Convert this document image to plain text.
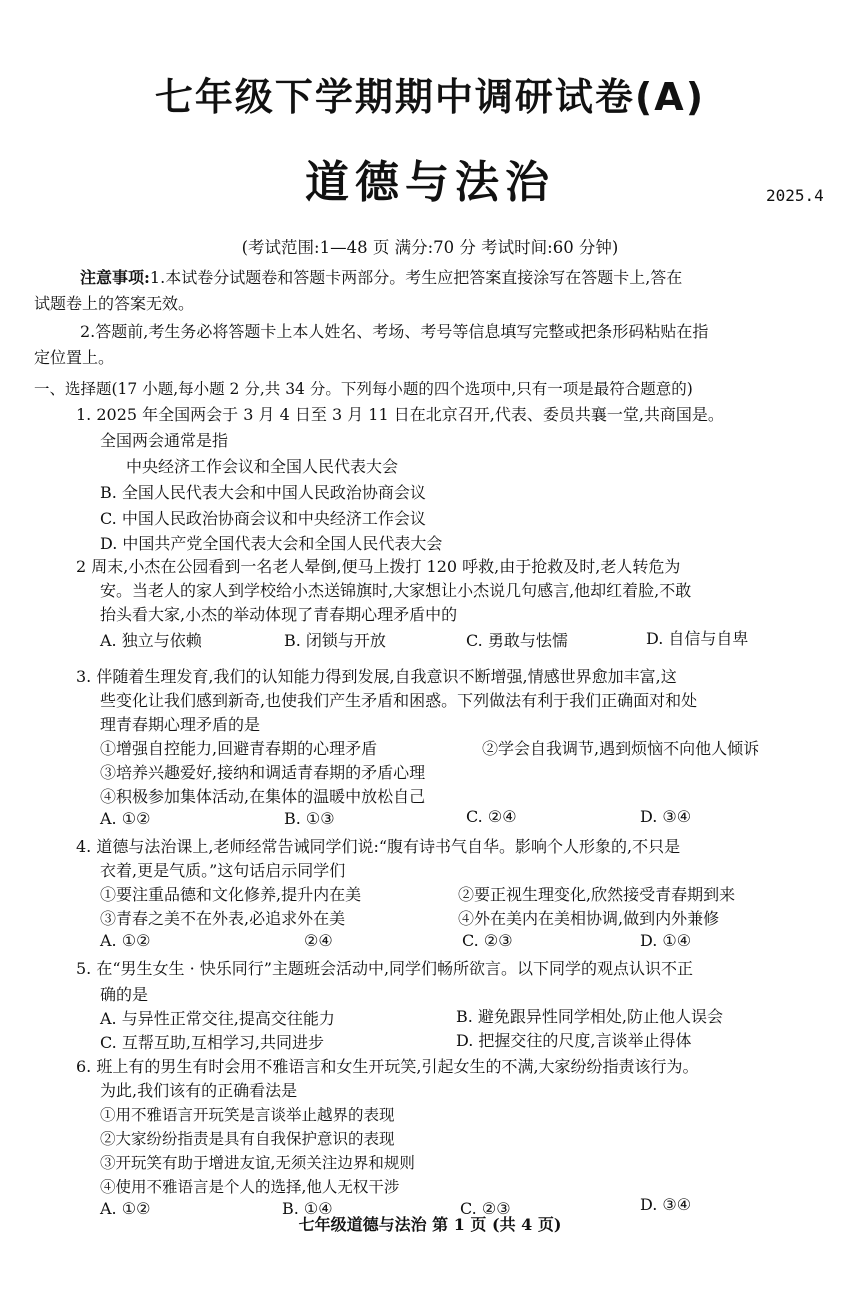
七年级下学期期中调研试卷(A)
道德与法治	2025.4
(考试范围:1—48 页 满分:70 分 考试时间:60 分钟)
注意事项:1.本试卷分试题卷和答题卡两部分。考生应把答案直接涂写在答题卡上,答在
试题卷上的答案无效。
2.答题前,考生务必将答题卡上本人姓名、考场、考号等信息填写完整或把条形码粘贴在指
定位置上。
一、选择题(17 小题,每小题 2 分,共 34 分。下列每小题的四个选项中,只有一项是最符合题意的)
1. 2025 年全国两会于 3 月 4 日至 3 月 11 日在北京召开,代表、委员共襄一堂,共商国是。
全国两会通常是指
中央经济工作会议和全国人民代表大会
B. 全国人民代表大会和中国人民政治协商会议
C. 中国人民政治协商会议和中央经济工作会议
D. 中国共产党全国代表大会和全国人民代表大会
2 周末,小杰在公园看到一名老人晕倒,便马上拨打 120 呼救,由于抢救及时,老人转危为
安。当老人的家人到学校给小杰送锦旗时,大家想让小杰说几句感言,他却红着脸,不敢
抬头看大家,小杰的举动体现了青春期心理矛盾中的
A. 独立与依赖	B. 闭锁与开放	C. 勇敢与怯懦	D. 自信与自卑
3. 伴随着生理发育,我们的认知能力得到发展,自我意识不断增强,情感世界愈加丰富,这
些变化让我们感到新奇,也使我们产生矛盾和困惑。下列做法有利于我们正确面对和处
理青春期心理矛盾的是
①增强自控能力,回避青春期的心理矛盾	②学会自我调节,遇到烦恼不向他人倾诉
③培养兴趣爱好,接纳和调适青春期的矛盾心理
④积极参加集体活动,在集体的温暖中放松自己
A. ①②	B. ①③	C. ②④	D. ③④
4. 道德与法治课上,老师经常告诫同学们说:“腹有诗书气自华。影响个人形象的,不只是
衣着,更是气质。”这句话启示同学们
①要注重品德和文化修养,提升内在美	②要正视生理变化,欣然接受青春期到来
③青春之美不在外表,必追求外在美	④外在美内在美相协调,做到内外兼修
A. ①②	②④	C. ②③	D. ①④
5. 在“男生女生 · 快乐同行”主题班会活动中,同学们畅所欲言。以下同学的观点认识不正
确的是
A. 与异性正常交往,提高交往能力	B. 避免跟异性同学相处,防止他人误会
C. 互帮互助,互相学习,共同进步	D. 把握交往的尺度,言谈举止得体
6. 班上有的男生有时会用不雅语言和女生开玩笑,引起女生的不满,大家纷纷指责该行为。
为此,我们该有的正确看法是
①用不雅语言开玩笑是言谈举止越界的表现
②大家纷纷指责是具有自我保护意识的表现
③开玩笑有助于增进友谊,无须关注边界和规则
④使用不雅语言是个人的选择,他人无权干涉
A. ①②	B. ①④	C. ②③	D. ③④
七年级道德与法治 第 1 页 (共 4 页)
